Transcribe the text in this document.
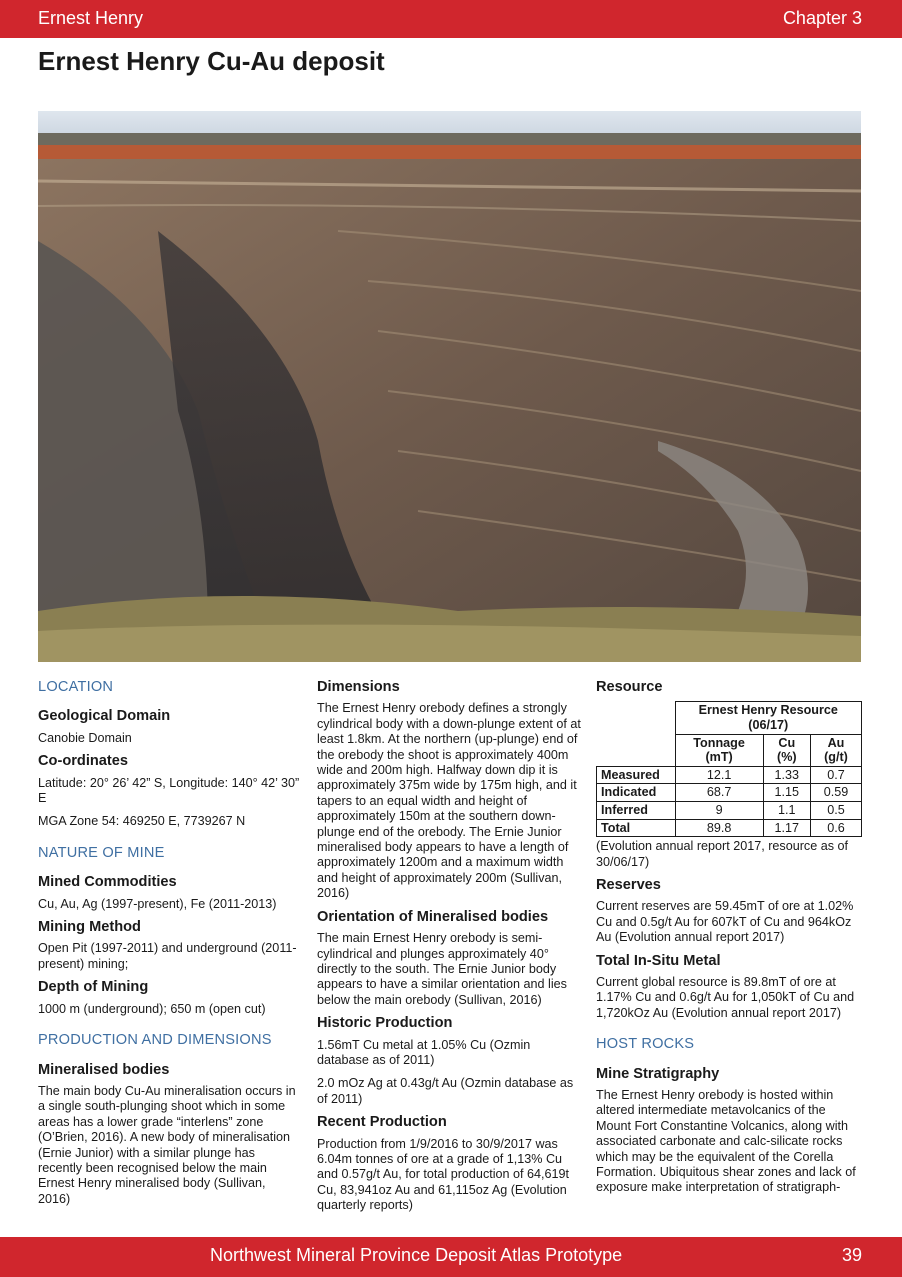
Ernest Henry	Chapter 3
Ernest Henry Cu-Au deposit
LOCATION
Geological Domain
Canobie Domain
Co-ordinates
Latitude: 20° 26’ 42” S, Longitude: 140° 42’ 30” E
MGA Zone 54: 469250 E, 7739267 N
NATURE OF MINE
Mined Commodities
Cu, Au, Ag (1997-present), Fe (2011-2013)
Mining Method
Open Pit (1997-2011) and underground (2011-present) mining;
Depth of Mining
1000 m (underground); 650 m (open cut)
PRODUCTION AND DIMENSIONS
Mineralised bodies
The main body Cu-Au mineralisation occurs in a single south-plunging shoot which in some areas has a lower grade “interlens” zone (O’Brien, 2016). A new body of mineralisation (Ernie Junior) with a similar plunge has recently been recognised below the main Ernest Henry mineralised body (Sullivan, 2016)
Dimensions
The Ernest Henry orebody defines a strongly cylindrical body with a down-plunge extent of at least 1.8km. At the northern (up-plunge) end of the orebody the shoot is approximately 400m wide and 200m high. Halfway down dip it is approximately 375m wide by 175m high, and it tapers to an equal width and height of approximately 150m at the southern down-plunge end of the orebody. The Ernie Junior mineralised body appears to have a length of approximately 1200m and a maximum width and height of approximately 200m (Sullivan, 2016)
Orientation of Mineralised bodies
The main Ernest Henry orebody is semi-cylindrical and plunges approximately 40° directly to the south. The Ernie Junior body appears to have a similar orientation and lies below the main orebody (Sullivan, 2016)
Historic Production
1.56mT Cu metal at 1.05% Cu (Ozmin database as of 2011)
2.0 mOz Ag at 0.43g/t Au (Ozmin database as of 2011)
Recent Production
Production from 1/9/2016 to 30/9/2017 was 6.04m tonnes of ore at a grade of 1,13% Cu and 0.57g/t Au, for total production of 64,619t Cu, 83,941oz Au and 61,115oz Ag (Evolution quarterly reports)
Resource
	Ernest Henry Resource (06/17)		
	Tonnage (mT)	Cu (%)	Au (g/t)
Measured	12.1	1.33	0.7
Indicated	68.7	1.15	0.59
Inferred	9	1.1	0.5
Total	89.8	1.17	0.6
(Evolution annual report 2017, resource as of 30/06/17)
Reserves
Current reserves are 59.45mT of ore at 1.02% Cu and 0.5g/t Au for 607kT of Cu and 964kOz Au (Evolution annual report 2017)
Total In-Situ Metal
Current global resource is 89.8mT of ore at 1.17% Cu and 0.6g/t Au for 1,050kT of Cu and 1,720kOz Au (Evolution annual report 2017)
HOST ROCKS
Mine Stratigraphy
The Ernest Henry orebody is hosted within altered intermediate metavolcanics of the Mount Fort Constantine Volcanics, along with associated carbonate and calc-silicate rocks which may be the equivalent of the Corella Formation. Ubiquitous shear zones and lack of exposure make interpretation of stratigraph-
Northwest Mineral Province Deposit Atlas Prototype	39
